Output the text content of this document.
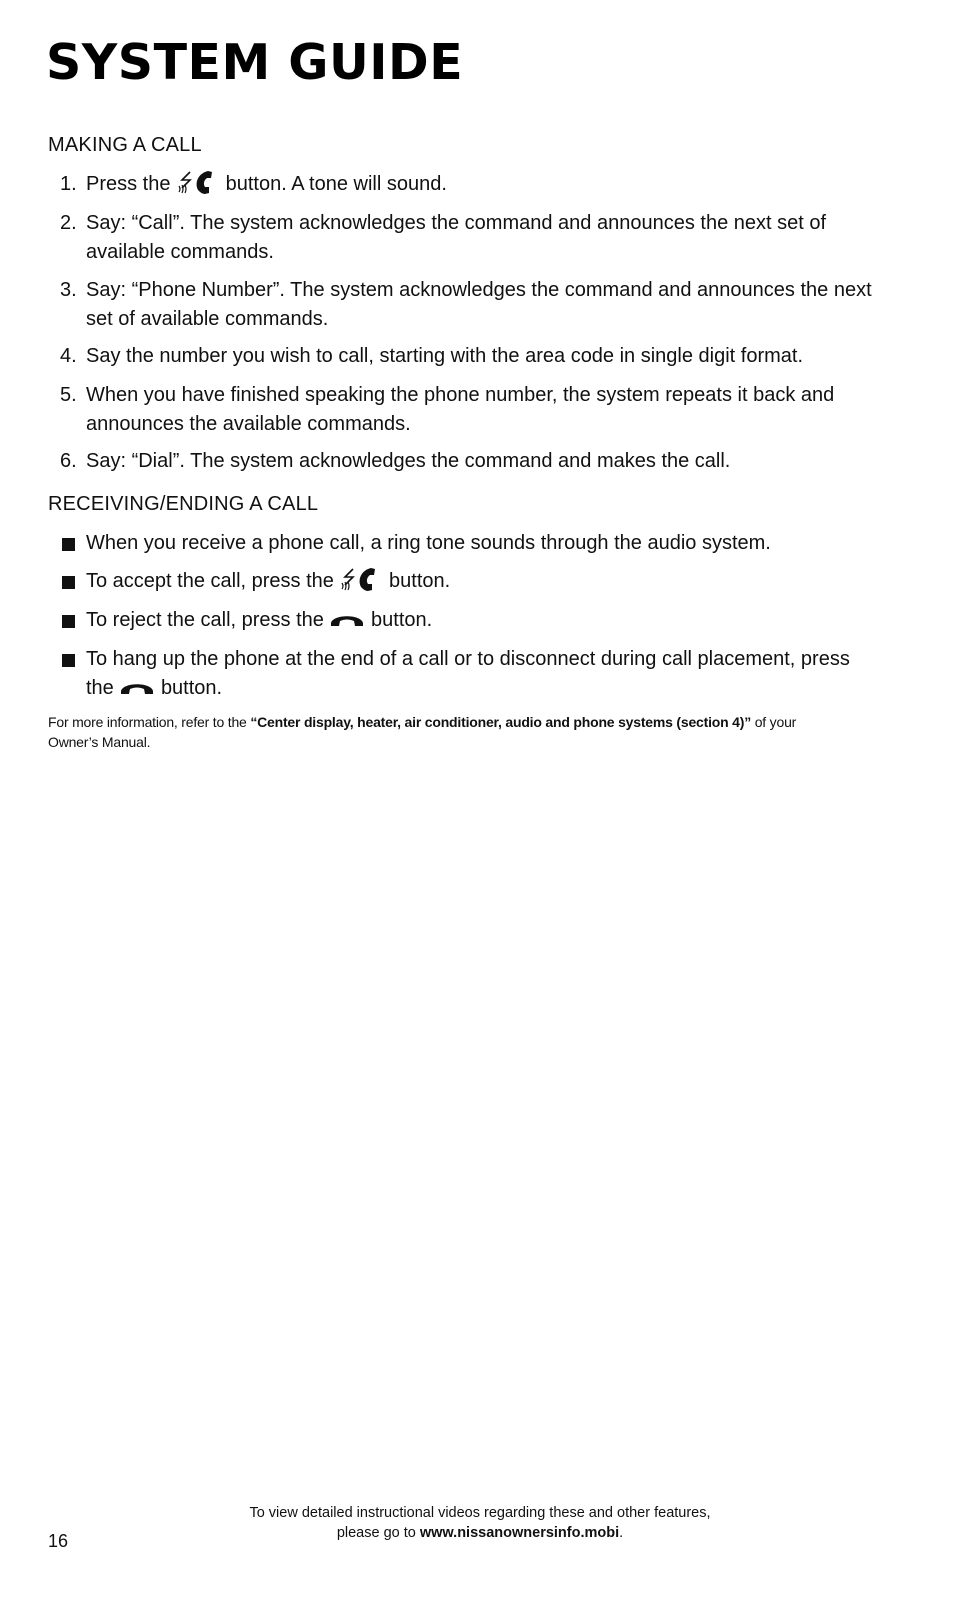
SYSTEM GUIDE
MAKING A CALL
1. Press the	button. A tone will sound.
2. Say: “Call”. The system acknowledges the command and announces the next set of
available commands.
3. Say: “Phone Number”. The system acknowledges the command and announces the next
set of available commands.
4. Say the number you wish to call, starting with the area code in single digit format.
5. When you have finished speaking the phone number, the system repeats it back and
announces the available commands.
6. Say: “Dial”. The system acknowledges the command and makes the call.
RECEIVING/ENDING A CALL
When you receive a phone call, a ring tone sounds through the audio system.
To accept the call, press the	button.
To reject the call, press the button.
To hang up the phone at the end of a call or to disconnect during call placement, press
the button.
For more information, refer to the “Center display, heater, air conditioner, audio and phone systems (section 4)” of your
Owner’s Manual.
16
To view detailed instructional videos regarding these and other features,
please go to www.nissanownersinfo.mobi.
